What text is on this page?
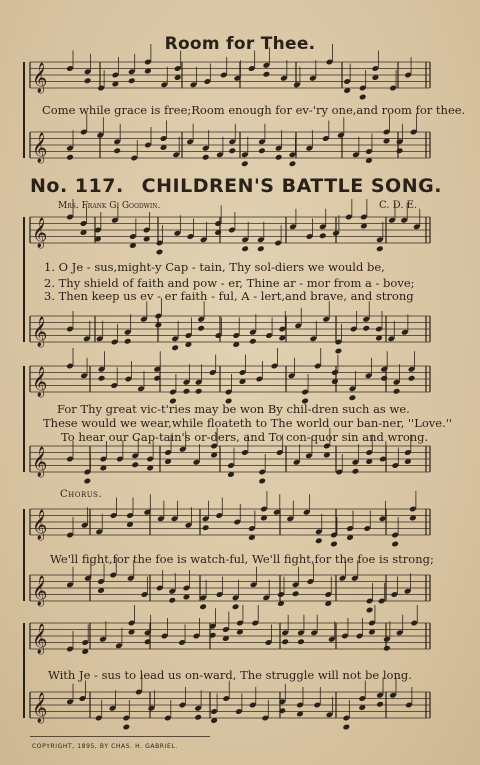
𝄞
𝄞
𝄞
𝄞
𝄞
𝄞
𝄞
𝄞
𝄞
𝄞
Room for Thee.
Come while grace is free;Room enough for ev-'ry one,and room for thee.
No. 117. CHILDREN'S BATTLE SONG.
Mrs. Frank G. Goodwin.	C. D. E.
1. O Je - sus,might-y Cap - tain, Thy sol-diers we would be,
2. Thy shield of faith and pow - er, Thine ar - mor from a - bove;
3. Then keep us ev - er faith - ful, A - lert,and brave, and strong
For Thy great vic-t'ries may be won By chil-dren such as we.
These would we wear,while floateth to The world our ban-ner, ''Love.''
To hear our Cap-tain's or-ders, and To con-quor sin and wrong.
Chorus.
We'll fight,for the foe is watch-ful, We'll fight,for the foe is strong;
With Je - sus to lead us on-ward, The struggle will not be long.
COPYRIGHT, 1895, BY CHAS. H. GABRIEL.
